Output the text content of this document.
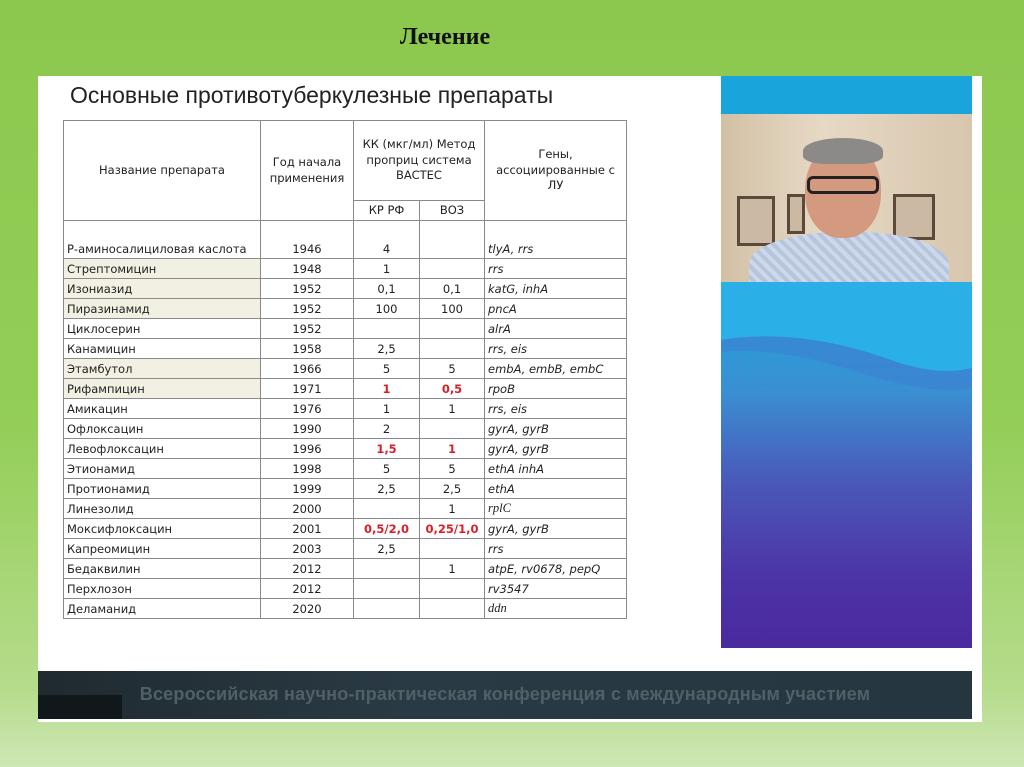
Лечение
Основные противотуберкулезные препараты
Название препарата	Год начала применения	КК (мкг/мл) Метод проприц система BACTEC		Гены, ассоциированные с ЛУ
		КР РФ	ВОЗ	
Р-аминосалициловая каслота	1946	4		tlyA, rrs
Стрептомицин	1948	1		rrs
Изониазид	1952	0,1	0,1	katG, inhA
Пиразинамид	1952	100	100	pncA
Циклосерин	1952			alrA
Канамицин	1958	2,5		rrs, eis
Этамбутол	1966	5	5	embA, embB, embC
Рифампицин	1971	1	0,5	rpoB
Амикацин	1976	1	1	rrs, eis
Офлоксацин	1990	2		gyrA, gyrB
Левофлоксацин	1996	1,5	1	gyrA, gyrB
Этионамид	1998	5	5	ethA inhA
Протионамид	1999	2,5	2,5	ethA
Линезолид	2000		1	rplC
Моксифлоксацин	2001	0,5/2,0	0,25/1,0	gyrA, gyrB
Капреомицин	2003	2,5		rrs
Бедаквилин	2012		1	atpE, rv0678, pepQ
Перхлозон	2012			rv3547
Деламанид	2020			ddn
Всероссийская научно-практическая конференция с международным участием
